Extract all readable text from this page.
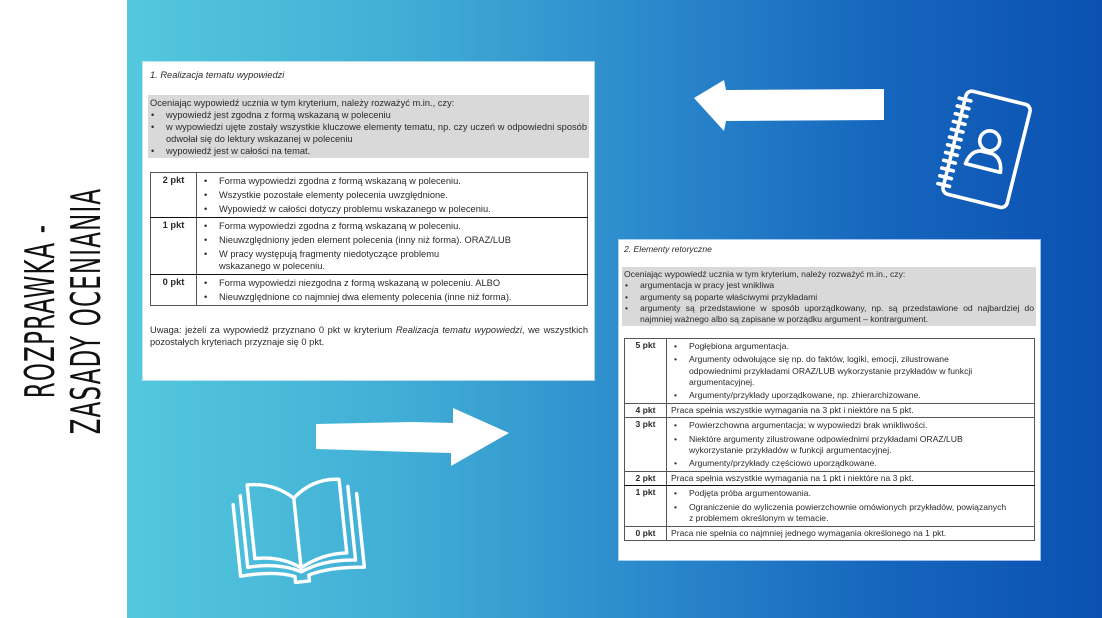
ROZPRAWKA -
ZASADY OCENIANIA
1. Realizacja tematu wypowiedzi
Oceniając wypowiedź ucznia w tym kryterium, należy rozważyć m.in., czy:
• wypowiedź jest zgodna z formą wskazaną w poleceniu
• w wypowiedzi ujęte zostały wszystkie kluczowe elementy tematu, np. czy uczeń w odpowiedni sposób odwołał się do lektury wskazanej w poleceniu
• wypowiedź jest w całości na temat.
2 pkt	
•Forma wypowiedzi zgodna z formą wskazaną w poleceniu.
• Wszystkie pozostałe elementy polecenia uwzględnione.
• Wypowiedź w całości dotyczy problemu wskazanego w poleceniu.

1 pkt	
•Forma wypowiedzi zgodna z formą wskazaną w poleceniu.
• Nieuwzględniony jeden element polecenia (inny niż forma). ORAZ/LUB
• W pracy występują fragmenty niedotyczące problemu wskazanego w poleceniu.

0 pkt	
•Forma wypowiedzi niezgodna z formą wskazaną w poleceniu. ALBO
• Nieuwzględnione co najmniej dwa elementy polecenia (inne niż forma).
Uwaga: jeżeli za wypowiedź przyznano 0 pkt w kryterium Realizacja tematu wypowiedzi, we wszystkich pozostałych kryteriach przyznaje się 0 pkt.
2. Elementy retoryczne
Oceniając wypowiedź ucznia w tym kryterium, należy rozważyć m.in., czy:
• argumentacja w pracy jest wnikliwa
• argumenty są poparte właściwymi przykładami
• argumenty są przedstawione w sposób uporządkowany, np. są przedstawione od najbardziej do najmniej ważnego albo są zapisane w porządku argument – kontrargument.
5 pkt	
•Pogłębiona argumentacja.
• Argumenty odwołujące się np. do faktów, logiki, emocji, zilustrowane odpowiednimi przykładami ORAZ/LUB wykorzystanie przykładów w funkcji argumentacyjnej.
• Argumenty/przykłady uporządkowane, np. zhierarchizowane.

4 pkt	Praca spełnia wszystkie wymagania na 3 pkt i niektóre na 5 pkt.
3 pkt	
•Powierzchowna argumentacja; w wypowiedzi brak wnikliwości.
• Niektóre argumenty zilustrowane odpowiednimi przykładami ORAZ/LUB wykorzystanie przykładów w funkcji argumentacyjnej.
• Argumenty/przykłady częściowo uporządkowane.

2 pkt	Praca spełnia wszystkie wymagania na 1 pkt i niektóre na 3 pkt.
1 pkt	
•Podjęta próba argumentowania.
• Ograniczenie do wyliczenia powierzchownie omówionych przykładów, powiązanych z problemem określonym w temacie.

0 pkt	Praca nie spełnia co najmniej jednego wymagania określonego na 1 pkt.
